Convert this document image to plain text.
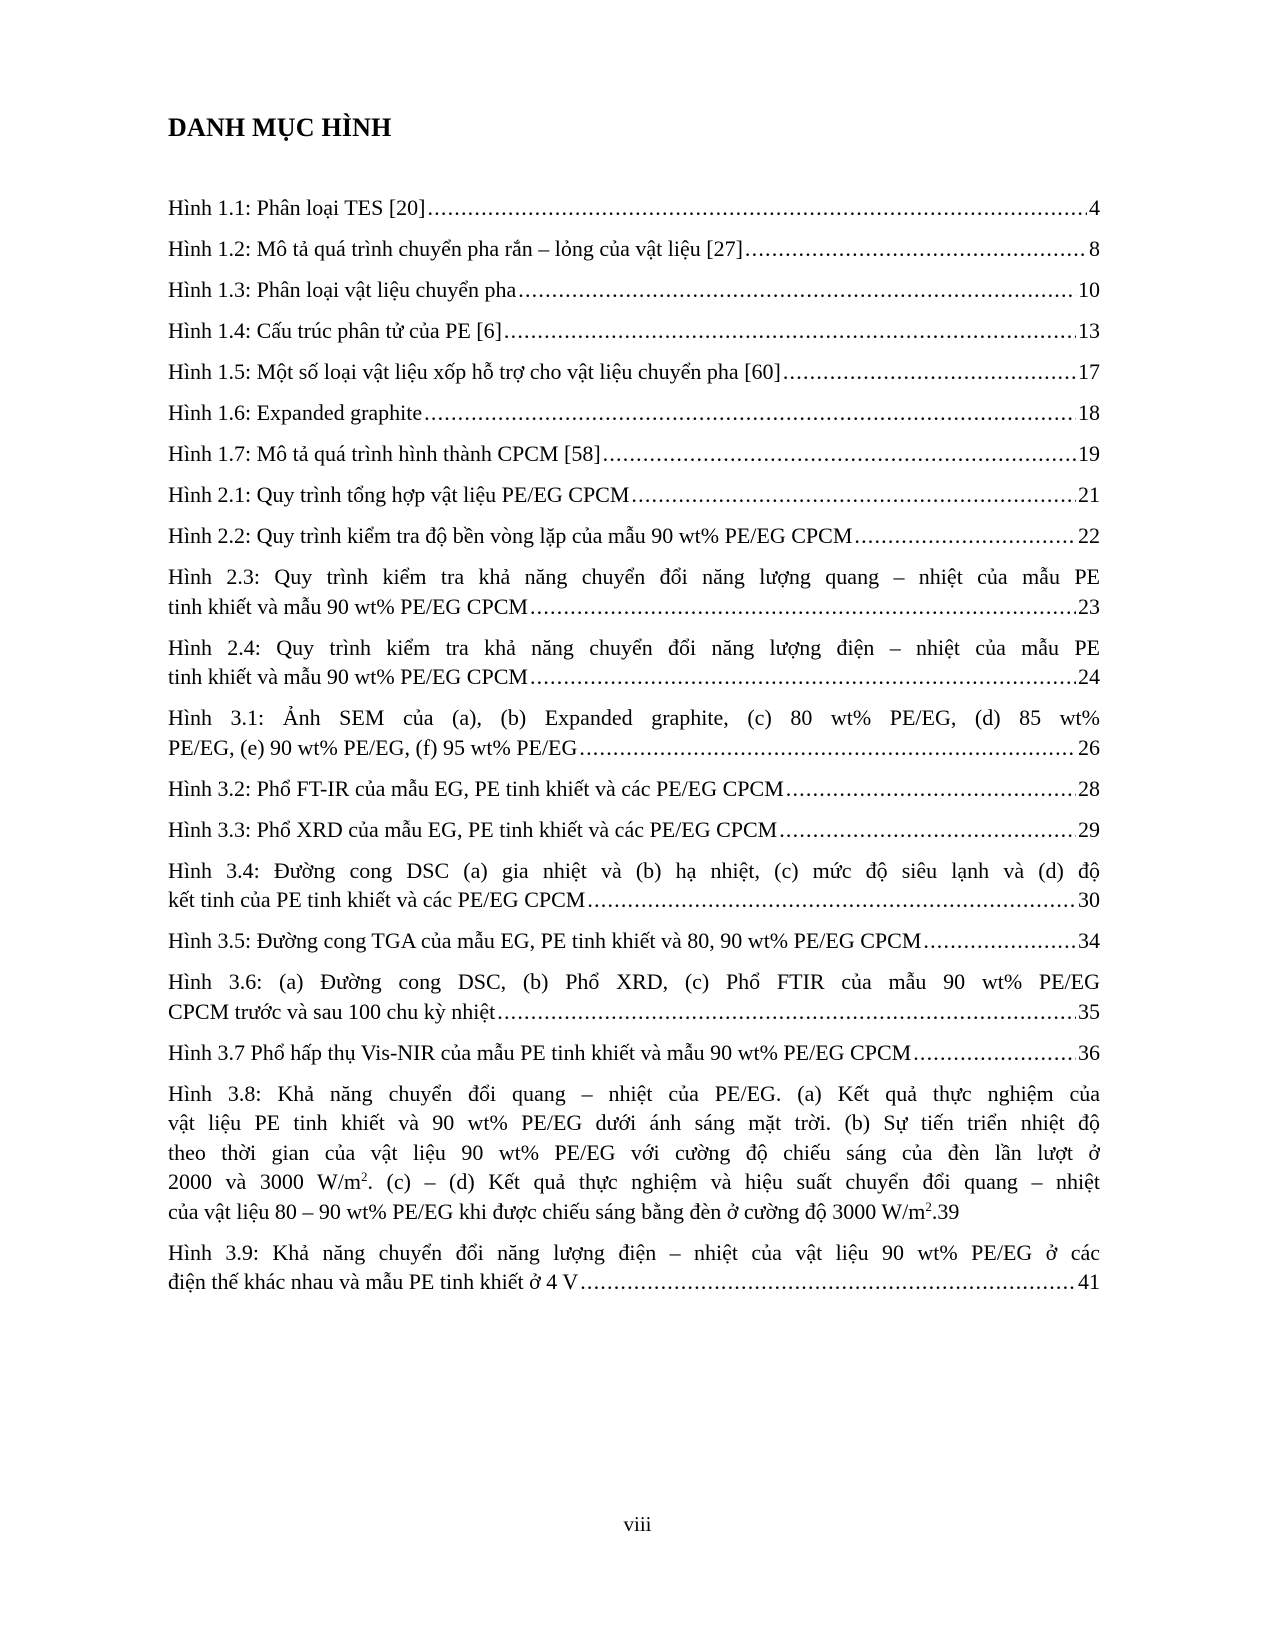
DANH MỤC HÌNH
Hình 1.1: Phân loại TES [20] .....	4
Hình 1.2: Mô tả quá trình chuyển pha rắn – lỏng của vật liệu [27] .....	8
Hình 1.3: Phân loại vật liệu chuyển pha .....	10
Hình 1.4: Cấu trúc phân tử của PE [6] .....	13
Hình 1.5: Một số loại vật liệu xốp hỗ trợ cho vật liệu chuyển pha [60] .....	17
Hình 1.6: Expanded graphite .....	18
Hình 1.7: Mô tả quá trình hình thành CPCM [58] .....	19
Hình 2.1: Quy trình tổng hợp vật liệu PE/EG CPCM .....	21
Hình 2.2: Quy trình kiểm tra độ bền vòng lặp của mẫu 90 wt% PE/EG CPCM .....	22
Hình 2.3: Quy trình kiểm tra khả năng chuyển đổi năng lượng quang – nhiệt của mẫu PE
tinh khiết và mẫu 90 wt% PE/EG CPCM .....	23
Hình 2.4: Quy trình kiểm tra khả năng chuyển đổi năng lượng điện – nhiệt của mẫu PE
tinh khiết và mẫu 90 wt% PE/EG CPCM .....	24
Hình 3.1: Ảnh SEM của (a), (b) Expanded graphite, (c) 80 wt% PE/EG, (d) 85 wt%
PE/EG, (e) 90 wt% PE/EG, (f) 95 wt% PE/EG .....	26
Hình 3.2: Phổ FT-IR của mẫu EG, PE tinh khiết và các PE/EG CPCM .....	28
Hình 3.3: Phổ XRD của mẫu EG, PE tinh khiết và các PE/EG CPCM .....	29
Hình 3.4: Đường cong DSC (a) gia nhiệt và (b) hạ nhiệt, (c) mức độ siêu lạnh và (d) độ
kết tinh của PE tinh khiết và các PE/EG CPCM .....	30
Hình 3.5: Đường cong TGA của mẫu EG, PE tinh khiết và 80, 90 wt% PE/EG CPCM .....	34
Hình 3.6: (a) Đường cong DSC, (b) Phổ XRD, (c) Phổ FTIR của mẫu 90 wt% PE/EG
CPCM trước và sau 100 chu kỳ nhiệt .....	35
Hình 3.7 Phổ hấp thụ Vis-NIR của mẫu PE tinh khiết và mẫu 90 wt% PE/EG CPCM .....	36
Hình 3.8: Khả năng chuyển đổi quang – nhiệt của PE/EG. (a) Kết quả thực nghiệm của
vật liệu PE tinh khiết và 90 wt% PE/EG dưới ánh sáng mặt trời. (b) Sự tiến triển nhiệt độ
theo thời gian của vật liệu 90 wt% PE/EG với cường độ chiếu sáng của đèn lần lượt ở
2000 và 3000 $W/m^2$. (c) – (d) Kết quả thực nghiệm và hiệu suất chuyển đổi quang – nhiệt
của vật liệu 80 – 90 wt% PE/EG khi được chiếu sáng bằng đèn ở cường độ 3000 $W/m^2$. 39
Hình 3.9: Khả năng chuyển đổi năng lượng điện – nhiệt của vật liệu 90 wt% PE/EG ở các
điện thế khác nhau và mẫu PE tinh khiết ở 4 V .....	41
viii
